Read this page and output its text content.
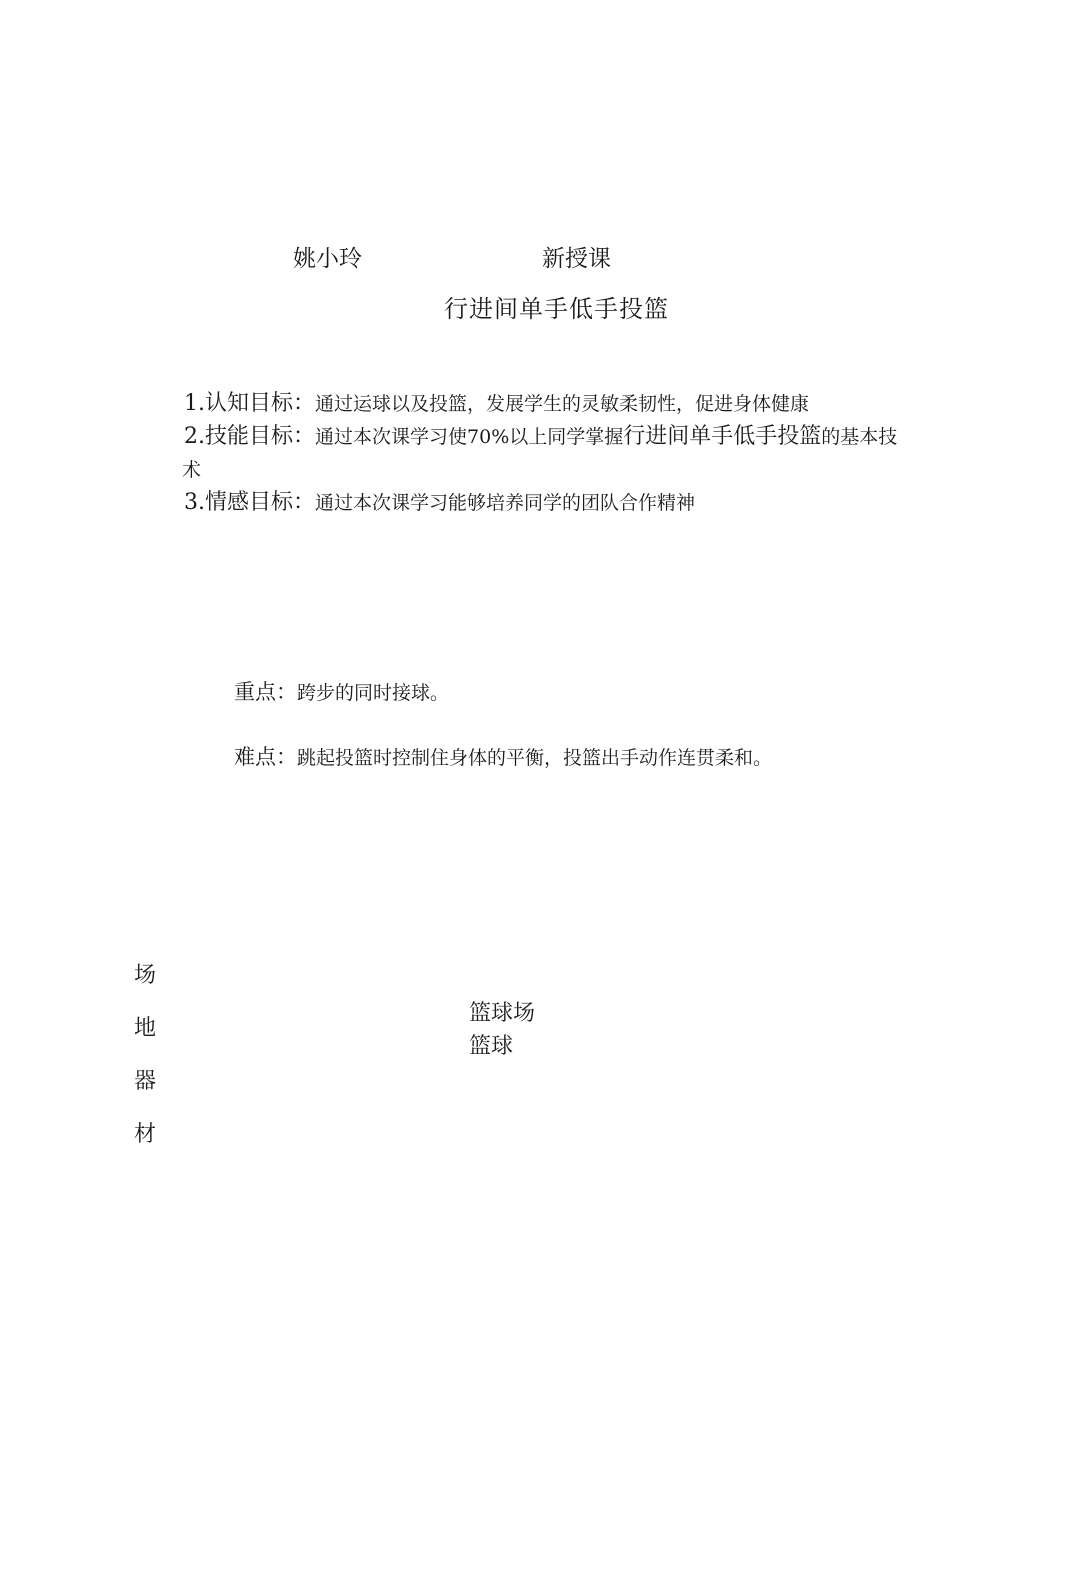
姚小玲	新授课
行进间单手低手投篮
1.认知目标：通过运球以及投篮，发展学生的灵敏柔韧性，促进身体健康
2.技能目标：通过本次课学习使70%以上同学掌握行进间单手低手投篮的基本技
术
3.情感目标：通过本次课学习能够培养同学的团队合作精神
重点：跨步的同时接球。
难点：跳起投篮时控制住身体的平衡，投篮出手动作连贯柔和。
场
地
器
材
篮球场
篮球
